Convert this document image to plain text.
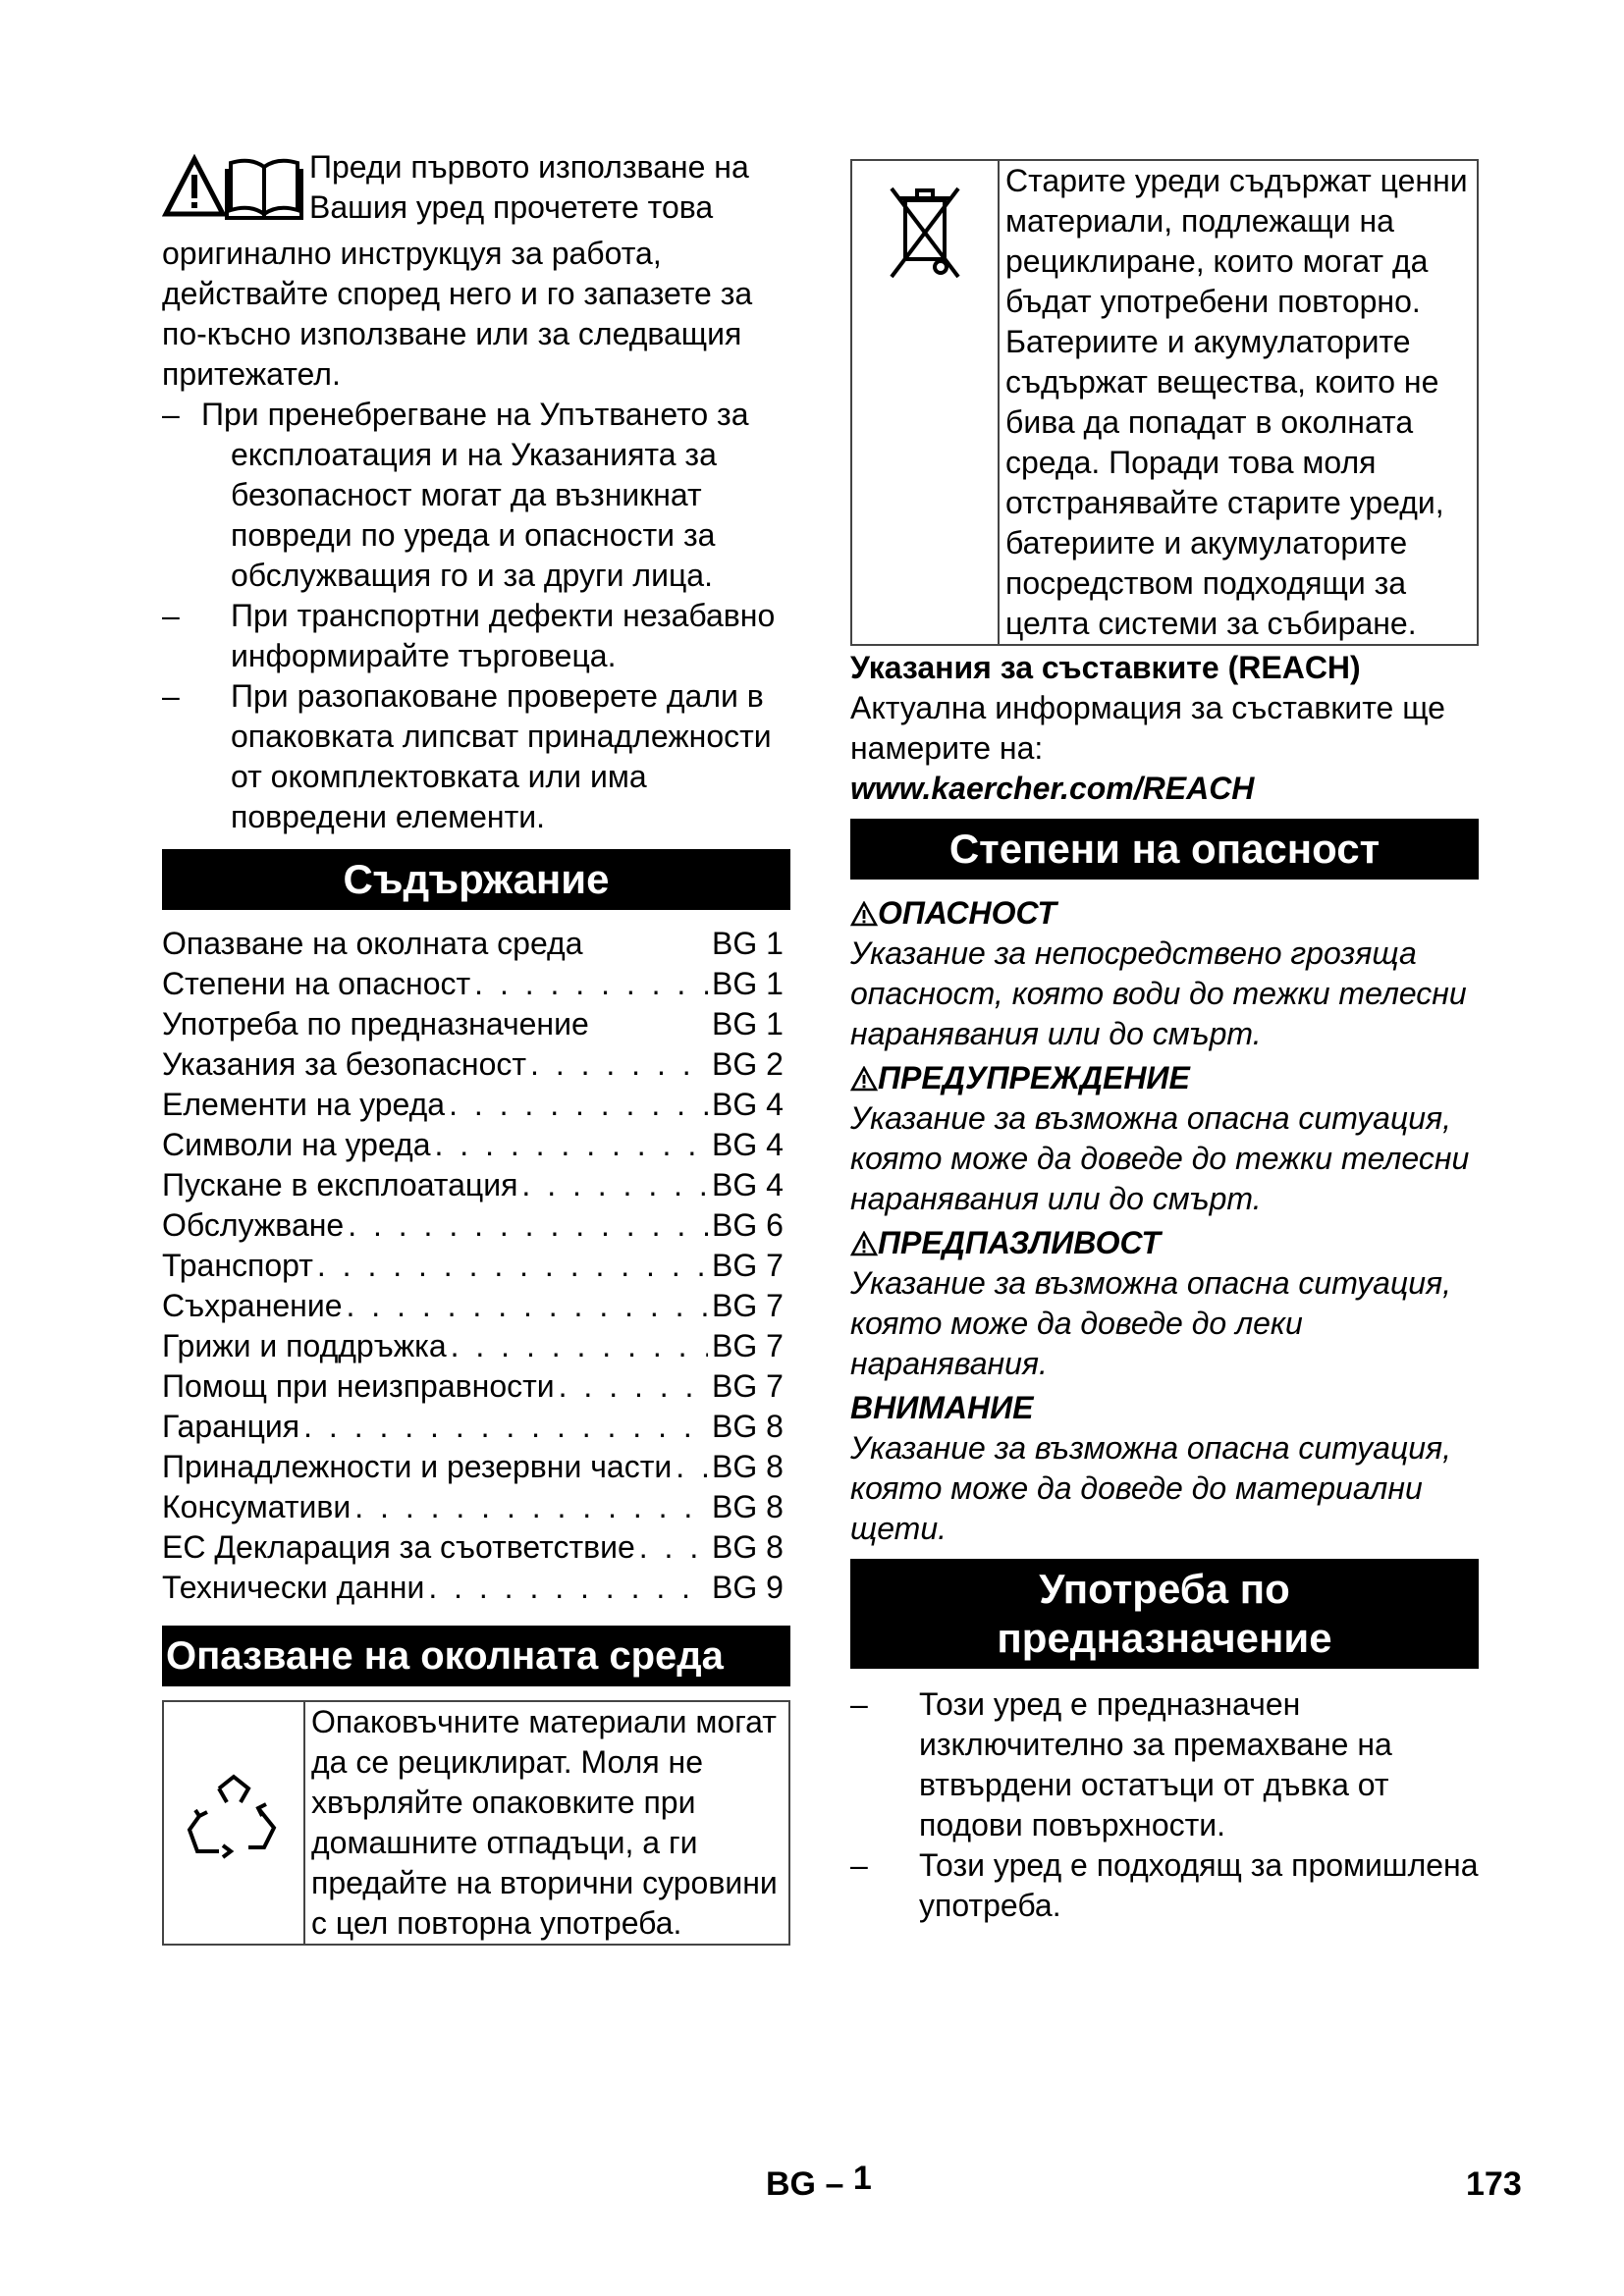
Преди първото използване на
Вашия уред прочетете това

оригинално инструкцуя за работа, действайте според него и го запазете за по-късно използване или за следващия притежател.

– При пренебрегване на Упътването за експлоатация и на Указанията за безопасност могат да възникнат повреди по уреда и опасности за обслужващия го и за други лица.
–	При транспортни дефекти незабавно информирайте търговеца.
–	При разопаковане проверете дали в опаковката липсват принадлежности от окомплектовката или има повредени елементи.
Съдържание
Опазване на околната среда	BG 1
Степени на опасност . . .	BG 1
Употреба по предназначение	BG 1
Указания за безопасност . . .	BG 2
Елементи на уреда . . .	BG 4
Символи на уреда . . .	BG 4
Пускане в експлоатация . . .	BG 4
Обслужване . . .	BG 6
Транспорт . . .	BG 7
Съхранение . . .	BG 7
Грижи и поддръжка . . .	BG 7
Помощ при неизправности . . .	BG 7
Гаранция . . .	BG 8
Принадлежности и резервни части . . . BG 8
Консумативи . . .	BG 8
ЕС Декларация за съответствие . . . BG 8
Технически данни . . .	BG 9
Опазване на околната среда
Опаковъчните материали могат да се рециклират. Моля не хвърляйте опаковките при домашните отпадъци, а ги предайте на вторични суровини с цел повторна употреба.
Старите уреди съдържат ценни материали, подлежащи на рециклиране, които могат да бъдат употребени повторно. Батериите и акумулаторите съдържат вещества, които не бива да попадат в околната среда. Поради това моля отстранявайте старите уреди, батериите и акумулаторите посредством подходящи за целта системи за събиране.

Указания за съставките (REACH)

Актуална информация за съставките ще намерите на:

www.kaercher.com/REACH

Степени на опасност

ОПАСНОСТ

Указание за непосредствено грозяща опасност, която води до тежки телесни наранявания или до смърт.

ПРЕДУПРЕЖДЕНИЕ

Указание за възможна опасна ситуация, която може да доведе до тежки телесни наранявания или до смърт.

ПРЕДПАЗЛИВОСТ

Указание за възможна опасна ситуация, която може да доведе до леки наранявания.

ВНИМАНИЕ

Указание за възможна опасна ситуация, която може да доведе до материални щети.

Употреба по
предназначение
–	Този уред е предназначен изключително за премахване на втвърдени остатъци от дъвка от подови повърхности.
–	Този уред е подходящ за промишлена употреба.
BG – 1	173
